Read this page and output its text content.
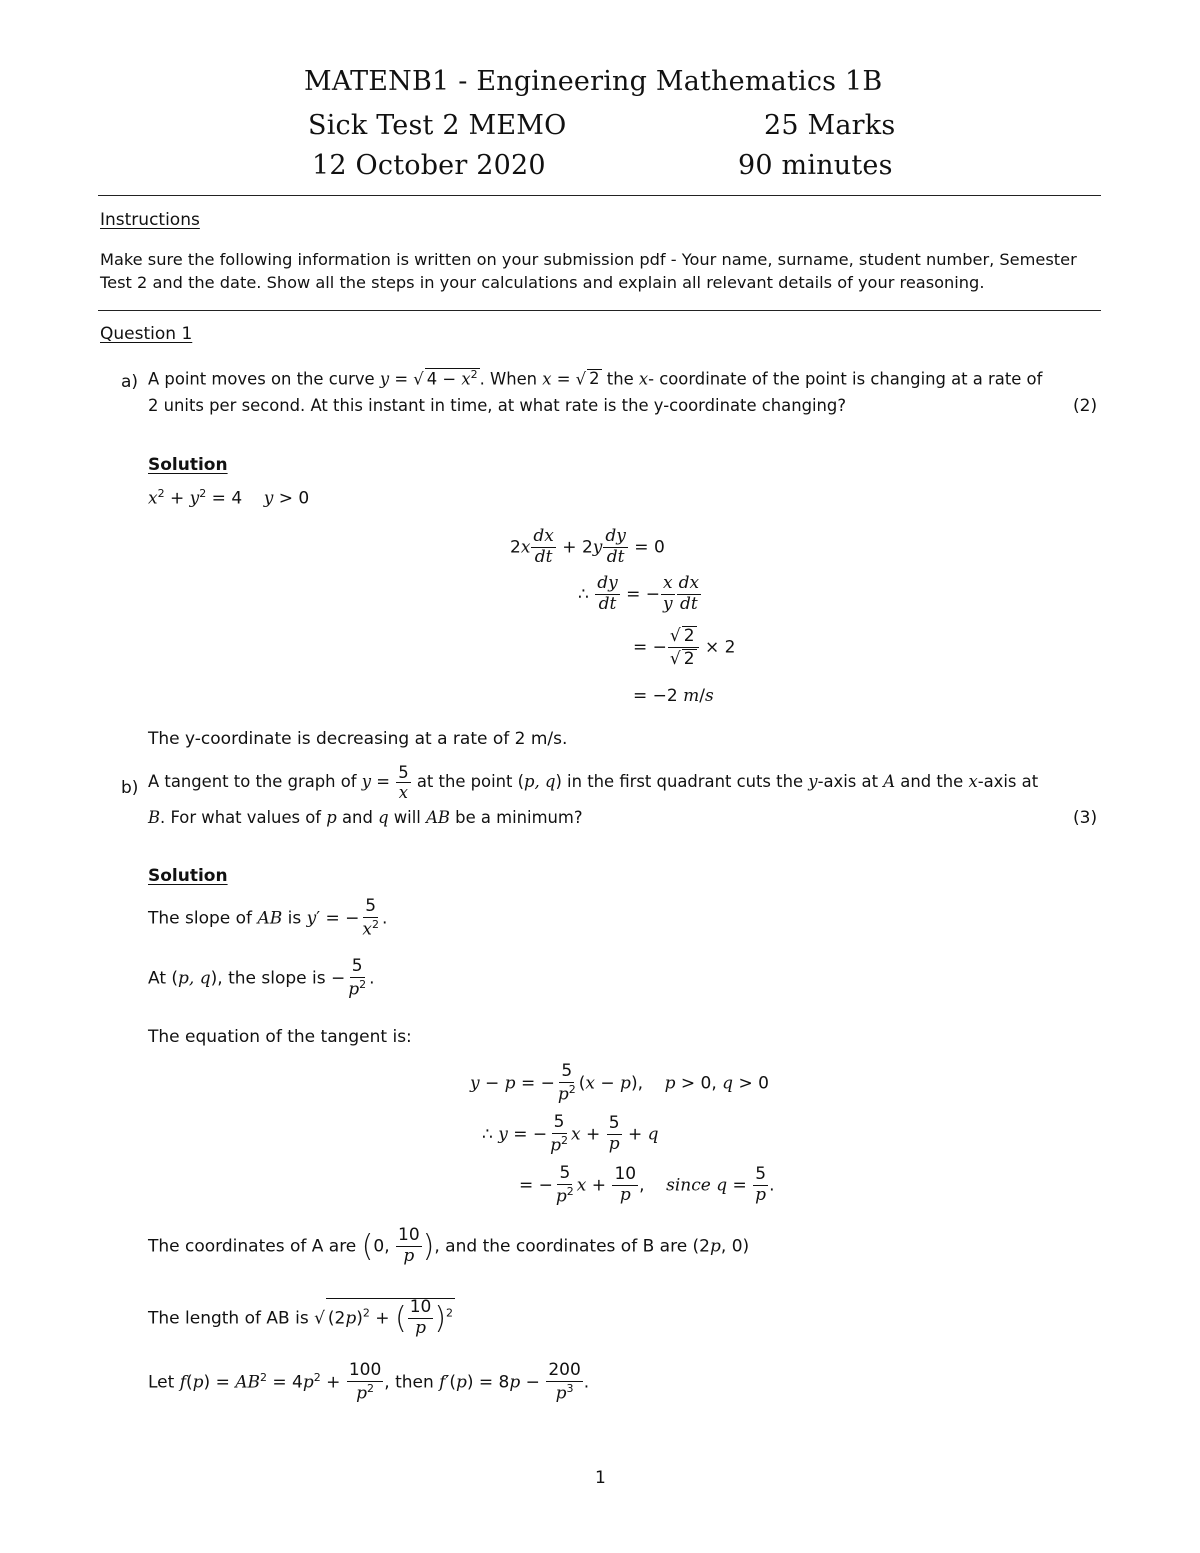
MATENB1 - Engineering Mathematics 1B
Sick Test 2 MEMO	25 Marks
12 October 2020	90 minutes
Instructions
Make sure the following information is written on your submission pdf - Your name, surname, student number, Semester
Test 2 and the date. Show all the steps in your calculations and explain all relevant details of your reasoning.
Question 1
a) A point moves on the curve y = √ $4 - x^2$ . When x = √ 2 the x- coordinate of the point is changing at a rate of
2 units per second. At this instant in time, at what rate is the y-coordinate changing?	(2)
Solution
$x^2 + y^2 = 4$    y > 0
$2x \frac{dx}{dt} + 2y \frac{dy}{dt} = 0$
∴ $\frac{dy}{dt}$ = − $\frac{x}{y} \frac{dx}{dt}$
= − $\frac{√ 2}{√ 2} \times 2$
= −2 m/s
The y-coordinate is decreasing at a rate of 2 m/s.
b) A tangent to the graph of $y = \frac{5}{x}$ at the point (p, q) in the first quadrant cuts the y-axis at A and the x-axis at
B. For what values of p and q will AB be a minimum?	(3)
Solution
The slope of AB is y′ = − $\frac{5}{x^2}$ .
At (p, q), the slope is − $\frac{5}{p^2}$ .
The equation of the tangent is:
y − p = − $\frac{5}{p^2} (x - p)$,    p > 0, q > 0
∴ y = − $\frac{5}{p^2}$ $x + \frac{5}{p} + q$
= − $\frac{5}{p^2}$ $x + \frac{10}{p}$ ,    since $q = \frac{5}{p}$ .
The coordinates of A are (0, $\frac{10}{p}$ ), and the coordinates of B are (2p, 0)
The length of AB is √ $(2p)^2$ + ( $\frac{10}{p} )^2$
Let $f(p) = AB^2 = 4p^2 + \frac{100}{p^2}$ , then $f'(p) = 8p - \frac{200}{p^3}$ .
1
